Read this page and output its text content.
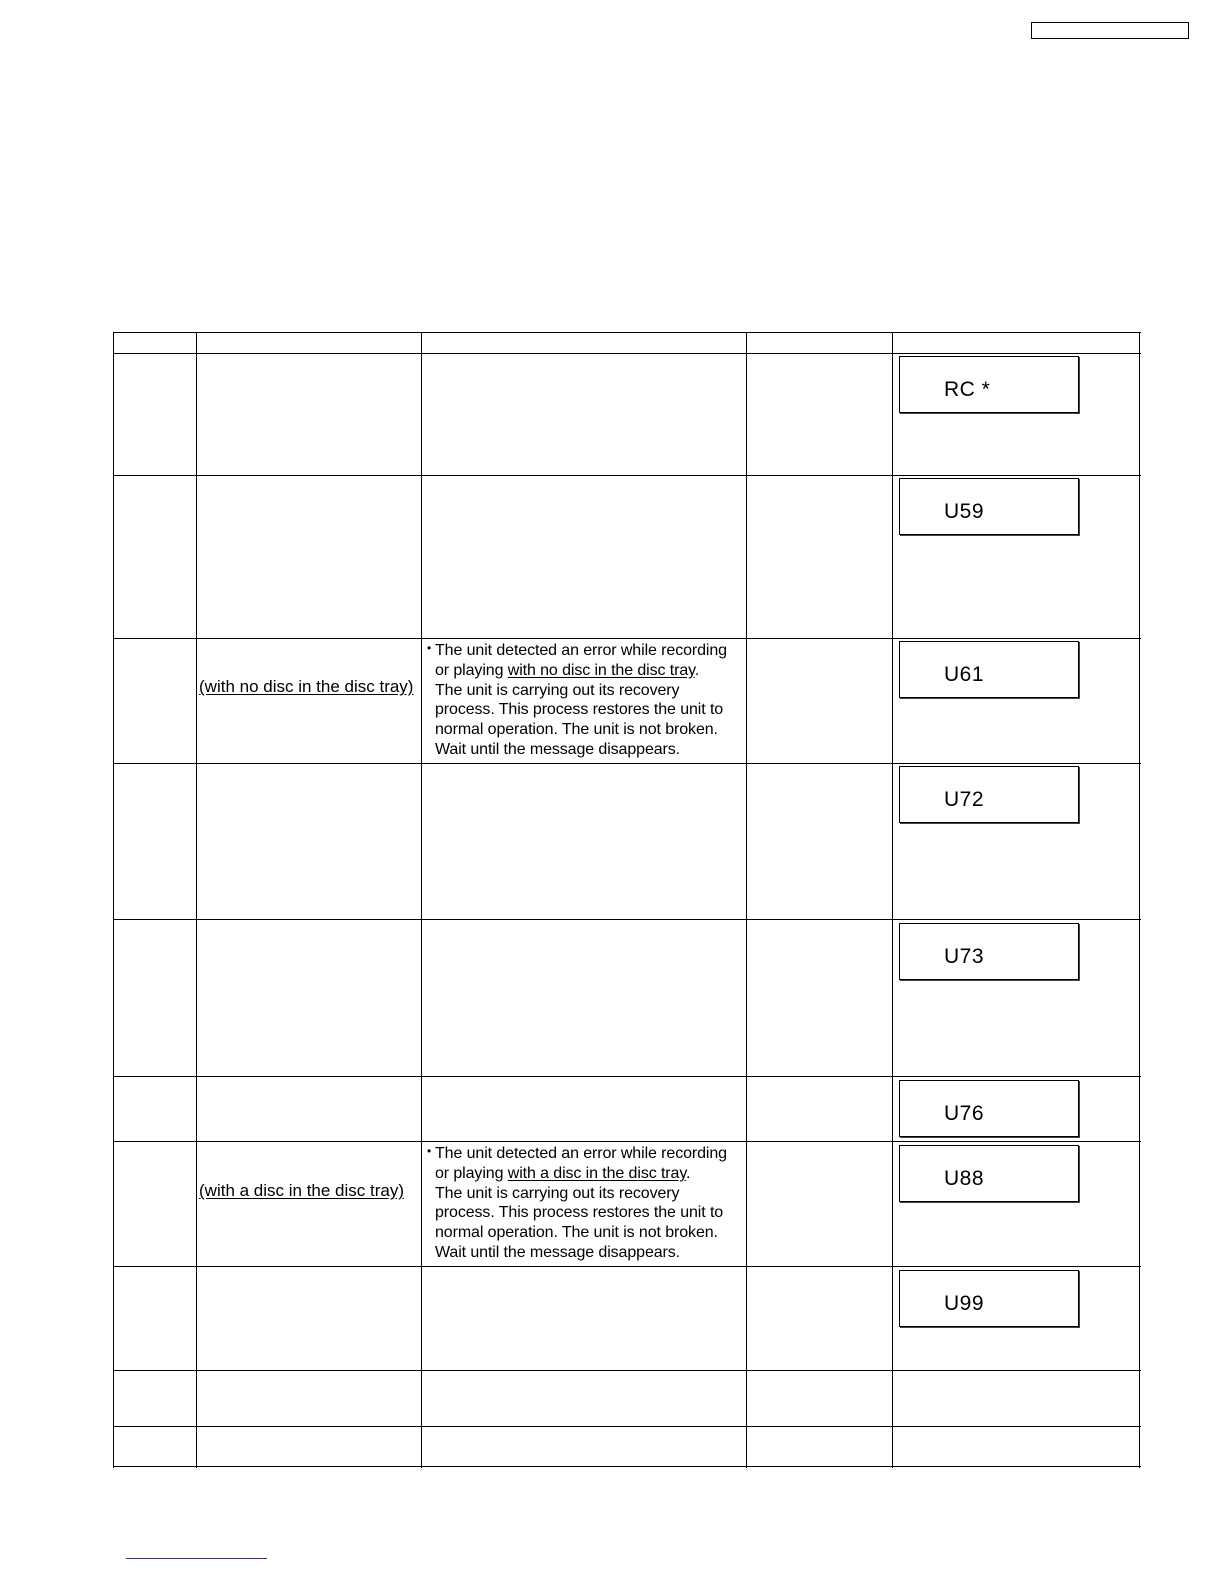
RC *
U59
U61
U72
U73
U76
U88
U99
(with no disc in the disc tray)
• The unit detected an error while recording
or playing with no disc in the disc tray.
The unit is carrying out its recovery
process. This process restores the unit to
normal operation. The unit is not broken.
Wait until the message disappears.
(with a disc in the disc tray)
• The unit detected an error while recording
or playing with a disc in the disc tray.
The unit is carrying out its recovery
process. This process restores the unit to
normal operation. The unit is not broken.
Wait until the message disappears.
